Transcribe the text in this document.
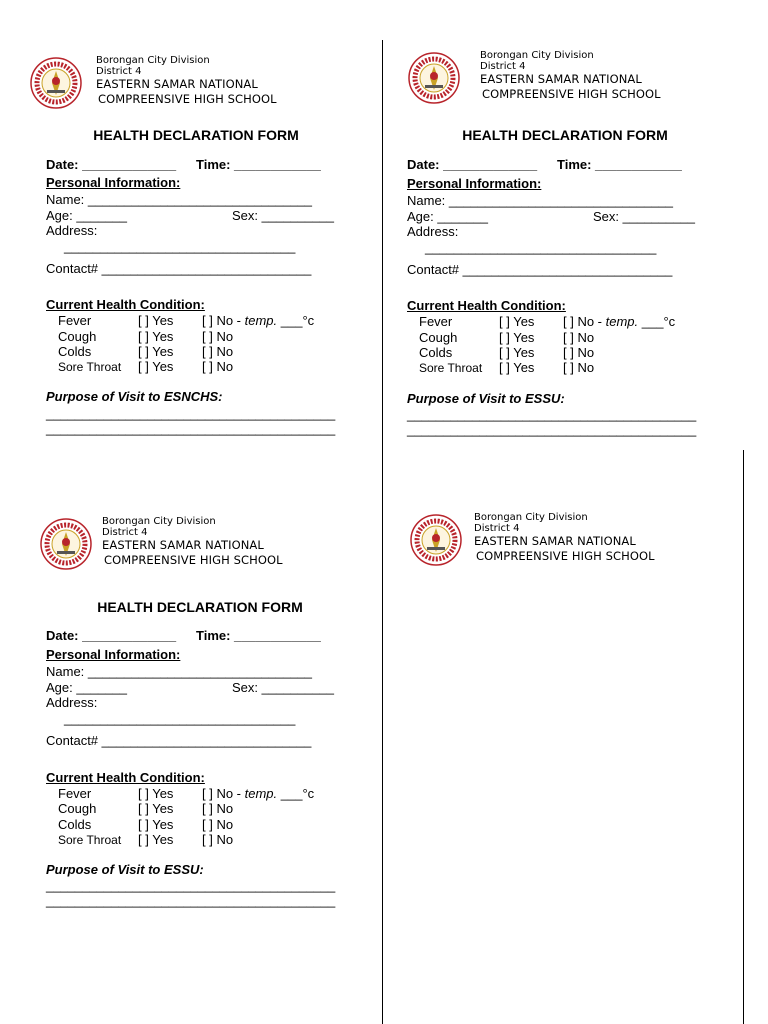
Borongan City Division
District 4
EASTERN SAMAR NATIONAL
COMPREENSIVE HIGH SCHOOL
HEALTH DECLARATION FORM
Date: _____________ Time: ____________
Personal Information:
Name: _______________________________
Age: _______	Sex: __________
Address:
________________________________
Contact# _____________________________
Current Health Condition:
Fever	[ ] Yes [ ] No - temp. ___°c
Cough	[ ] Yes [ ] No
Colds	[ ] Yes [ ] No
Sore Throat [ ] Yes [ ] No
Purpose of Visit to ESNCHS:
________________________________________
________________________________________
Borongan City Division
District 4
EASTERN SAMAR NATIONAL
COMPREENSIVE HIGH SCHOOL
HEALTH DECLARATION FORM
Date: _____________ Time: ____________
Personal Information:
Name: _______________________________
Age: _______	Sex: __________
Address:
________________________________
Contact# _____________________________
Current Health Condition:
Fever	[ ] Yes [ ] No - temp. ___°c
Cough	[ ] Yes [ ] No
Colds	[ ] Yes [ ] No
Sore Throat [ ] Yes [ ] No
Purpose of Visit to ESSU:
________________________________________
________________________________________
Borongan City Division
District 4
EASTERN SAMAR NATIONAL
COMPREENSIVE HIGH SCHOOL
HEALTH DECLARATION FORM
Date: _____________ Time: ____________
Personal Information:
Name: _______________________________
Age: _______	Sex: __________
Address:
________________________________
Contact# _____________________________
Current Health Condition:
Fever	[ ] Yes [ ] No - temp. ___°c
Cough	[ ] Yes [ ] No
Colds	[ ] Yes [ ] No
Sore Throat [ ] Yes [ ] No
Purpose of Visit to ESSU:
________________________________________
________________________________________
Borongan City Division
District 4
EASTERN SAMAR NATIONAL
COMPREENSIVE HIGH SCHOOL
